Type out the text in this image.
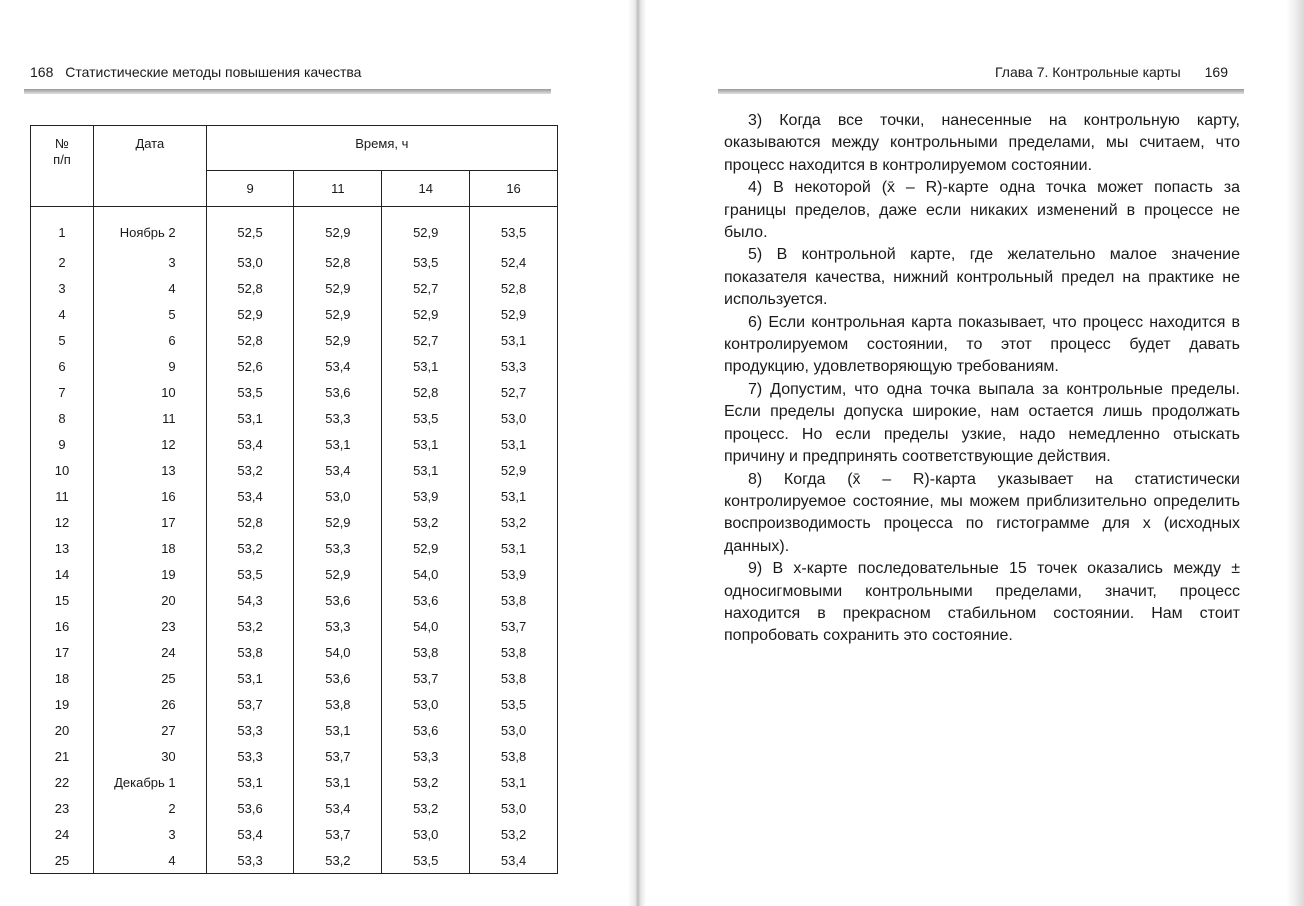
168 Статистические методы повышения качества
№
п/п	Дата	Время, ч			
		9	11	14	16
1	Ноябрь 2	52,5	52,9	52,9	53,5
2	3	53,0	52,8	53,5	52,4
3	4	52,8	52,9	52,7	52,8
4	5	52,9	52,9	52,9	52,9
5	6	52,8	52,9	52,7	53,1
6	9	52,6	53,4	53,1	53,3
7	10	53,5	53,6	52,8	52,7
8	11	53,1	53,3	53,5	53,0
9	12	53,4	53,1	53,1	53,1
10	13	53,2	53,4	53,1	52,9
11	16	53,4	53,0	53,9	53,1
12	17	52,8	52,9	53,2	53,2
13	18	53,2	53,3	52,9	53,1
14	19	53,5	52,9	54,0	53,9
15	20	54,3	53,6	53,6	53,8
16	23	53,2	53,3	54,0	53,7
17	24	53,8	54,0	53,8	53,8
18	25	53,1	53,6	53,7	53,8
19	26	53,7	53,8	53,0	53,5
20	27	53,3	53,1	53,6	53,0
21	30	53,3	53,7	53,3	53,8
22	Декабрь 1	53,1	53,1	53,2	53,1
23	2	53,6	53,4	53,2	53,0
24	3	53,4	53,7	53,0	53,2
25	4	53,3	53,2	53,5	53,4
Глава 7. Контрольные карты 169

3) Когда все точки, нанесенные на контрольную карту, оказываются между контрольными пределами, мы считаем, что процесс находится в контролируемом состоянии.

4) В некоторой (x̄ – R)-карте одна точка может попасть за границы пределов, даже если никаких изменений в процессе не было.

5) В контрольной карте, где желательно малое значение показателя качества, нижний контрольный предел на практике не используется.

6) Если контрольная карта показывает, что процесс находится в контролируемом состоянии, то этот процесс будет давать продукцию, удовлетворяющую требованиям.

7) Допустим, что одна точка выпала за контрольные пределы. Если пределы допуска широкие, нам остается лишь продолжать процесс. Но если пределы узкие, надо немедленно отыскать причину и предпринять соответствующие действия.

8) Когда (x̄ – R)-карта указывает на статистически контролируемое состояние, мы можем приблизительно определить воспроизводимость процесса по гистограмме для x (исходных данных).

9) В x-карте последовательные 15 точек оказались между ± односигмовыми контрольными пределами, значит, процесс находится в прекрасном стабильном состоянии. Нам стоит попробовать сохранить это состояние.
